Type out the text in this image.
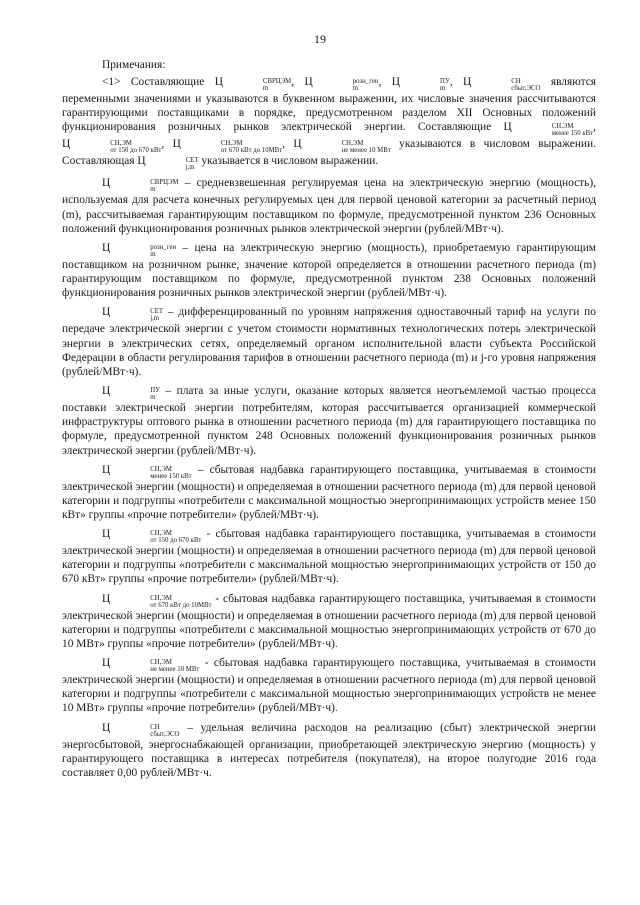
19

Примечания:

<1> Составляющие Ц	СВРЦЭМ
m
, Ц	розн_ген
m
, Ц	ПУ
m
, Ц	СН
сбыт,ЭСО
являются переменными значениями и указываются в буквенном выражении, их числовые значения рассчитываются гарантирующими поставщиками в порядке, предусмотренном разделом XII Основных положений функционирования розничных рынков электрической энергии. Составляющие Ц	СН,ЭМ
менее 150 кВт
, Ц	СН,ЭМ
от 150 до 670 кВт
, Ц	СН,ЭМ
от 670 кВт до 10МВт
, Ц	СН,ЭМ
не менее 10 МВт
указываются в числовом выражении. Составляющая Ц	СЕТ
j,m
указывается в числовом выражении.

Ц	СВРЦЭМ
m
– средневзвешенная регулируемая цена на электрическую энергию (мощность), используемая для расчета конечных регулируемых цен для первой ценовой категории за расчетный период (m), рассчитываемая гарантирующим поставщиком по формуле, предусмотренной пунктом 236 Основных положений функционирования розничных рынков электрической энергии (рублей/МВт·ч).

Ц	розн_ген
m
– цена на электрическую энергию (мощность), приобретаемую гарантирующим поставщиком на розничном рынке, значение которой определяется в отношении расчетного периода (m) гарантирующим поставщиком по формуле, предусмотренной пунктом 238 Основных положений функционирования розничных рынков электрической энергии (рублей/МВт·ч).

Ц	СЕТ
j,m
– дифференцированный по уровням напряжения одноставочный тариф на услуги по передаче электрической энергии с учетом стоимости нормативных технологических потерь электрической энергии в электрических сетях, определяемый органом исполнительной власти субъекта Российской Федерации в области регулирования тарифов в отношении расчетного периода (m) и j-го уровня напряжения (рублей/МВт·ч).

Ц	ПУ
m
– плата за иные услуги, оказание которых является неотъемлемой частью процесса поставки электрической энергии потребителям, которая рассчитывается организацией коммерческой инфраструктуры оптового рынка в отношении расчетного периода (m) для гарантирующего поставщика по формуле, предусмотренной пунктом 248 Основных положений функционирования розничных рынков электрической энергии (рублей/МВт·ч).

Ц	СН,ЭМ
менее 150 кВт
– сбытовая надбавка гарантирующего поставщика, учитываемая в стоимости электрической энергии (мощности) и определяемая в отношении расчетного периода (m) для первой ценовой категории и подгруппы «потребители с максимальной мощностью энергопринимающих устройств менее 150 кВт» группы «прочие потребители» (рублей/МВт·ч).

Ц	СН,ЭМ
от 150 до 670 кВт
- сбытовая надбавка гарантирующего поставщика, учитываемая в стоимости электрической энергии (мощности) и определяемая в отношении расчетного периода (m) для первой ценовой категории и подгруппы «потребители с максимальной мощностью энергопринимающих устройств от 150 до 670 кВт» группы «прочие потребители» (рублей/МВт·ч).

Ц	СН,ЭМ
от 670 кВт до 10МВт
- сбытовая надбавка гарантирующего поставщика, учитываемая в стоимости электрической энергии (мощности) и определяемая в отношении расчетного периода (m) для первой ценовой категории и подгруппы «потребители с максимальной мощностью энергопринимающих устройств от 670 до 10 МВт» группы «прочие потребители» (рублей/МВт·ч).

Ц	СН,ЭМ
не менее 10 МВт
- сбытовая надбавка гарантирующего поставщика, учитываемая в стоимости электрической энергии (мощности) и определяемая в отношении расчетного периода (m) для первой ценовой категории и подгруппы «потребители с максимальной мощностью энергопринимающих устройств не менее 10 МВт» группы «прочие потребители» (рублей/МВт·ч).

Ц	СН
сбыт,ЭСО
– удельная величина расходов на реализацию (сбыт) электрической энергии энергосбытовой, энергоснабжающей организации, приобретающей электрическую энергию (мощность) у гарантирующего поставщика в интересах потребителя (покупателя), на второе полугодие 2016 года составляет 0,00 рублей/МВт·ч.
